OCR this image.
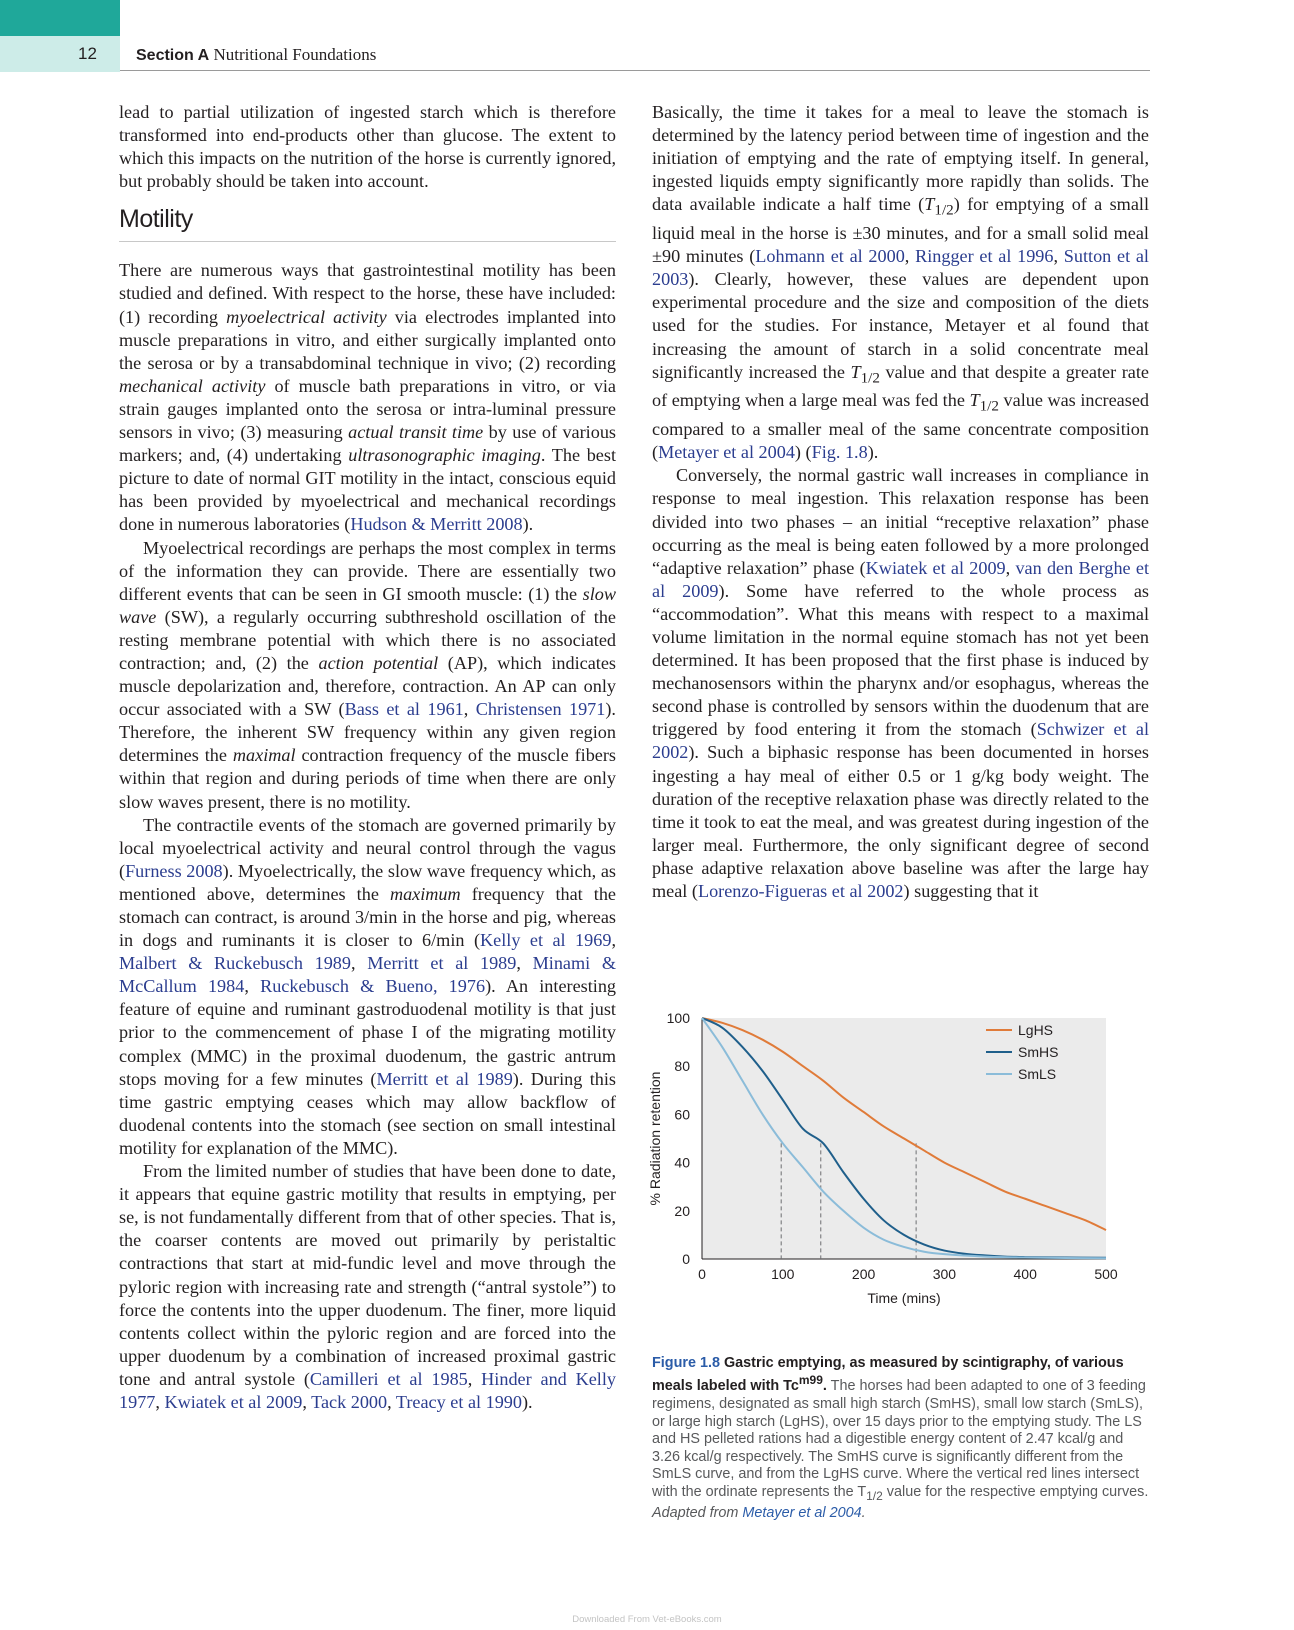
12 Section A Nutritional Foundations

lead to partial utilization of ingested starch which is therefore transformed into end-products other than glucose. The extent to which this impacts on the nutrition of the horse is currently ignored, but probably should be taken into account.

Motility

There are numerous ways that gastrointestinal motility has been studied and defined. With respect to the horse, these have included: (1) recording myoelectrical activity via electrodes implanted into muscle preparations in vitro, and either surgically implanted onto the serosa or by a transabdominal technique in vivo; (2) recording mechanical activity of muscle bath preparations in vitro, or via strain gauges implanted onto the serosa or intra-luminal pressure sensors in vivo; (3) measuring actual transit time by use of various markers; and, (4) undertaking ultrasonographic imaging. The best picture to date of normal GIT motility in the intact, conscious equid has been provided by myoelectrical and mechanical recordings done in numerous laboratories (Hudson & Merritt 2008).

Myoelectrical recordings are perhaps the most complex in terms of the information they can provide. There are essentially two different events that can be seen in GI smooth muscle: (1) the slow wave (SW), a regularly occurring subthreshold oscillation of the resting membrane potential with which there is no associated contraction; and, (2) the action potential (AP), which indicates muscle depolarization and, therefore, contraction. An AP can only occur associated with a SW (Bass et al 1961, Christensen 1971). Therefore, the inherent SW frequency within any given region determines the maximal contraction frequency of the muscle fibers within that region and during periods of time when there are only slow waves present, there is no motility.

The contractile events of the stomach are governed primarily by local myoelectrical activity and neural control through the vagus (Furness 2008). Myoelectrically, the slow wave frequency which, as mentioned above, determines the maximum frequency that the stomach can contract, is around 3/min in the horse and pig, whereas in dogs and ruminants it is closer to 6/min (Kelly et al 1969, Malbert & Ruckebusch 1989, Merritt et al 1989, Minami & McCallum 1984, Ruckebusch & Bueno, 1976). An interesting feature of equine and ruminant gastroduodenal motility is that just prior to the commencement of phase I of the migrating motility complex (MMC) in the proximal duodenum, the gastric antrum stops moving for a few minutes (Merritt et al 1989). During this time gastric emptying ceases which may allow backflow of duodenal contents into the stomach (see section on small intestinal motility for explanation of the MMC).

From the limited number of studies that have been done to date, it appears that equine gastric motility that results in emptying, per se, is not fundamentally different from that of other species. That is, the coarser contents are moved out primarily by peristaltic contractions that start at mid-fundic level and move through the pyloric region with increasing rate and strength (“antral systole”) to force the contents into the upper duodenum. The finer, more liquid contents collect within the pyloric region and are forced into the upper duodenum by a combination of increased proximal gastric tone and antral systole (Camilleri et al 1985, Hinder and Kelly 1977, Kwiatek et al 2009, Tack 2000, Treacy et al 1990).

Basically, the time it takes for a meal to leave the stomach is determined by the latency period between time of ingestion and the initiation of emptying and the rate of emptying itself. In general, ingested liquids empty significantly more rapidly than solids. The data available indicate a half time $(T_{1/2})$ for emptying of a small liquid meal in the horse is ±30 minutes, and for a small solid meal ±90 minutes (Lohmann et al 2000, Ringger et al 1996, Sutton et al 2003). Clearly, however, these values are dependent upon experimental procedure and the size and composition of the diets used for the studies. For instance, Metayer et al found that increasing the amount of starch in a solid concentrate meal significantly increased the $T_{1/2}$ value and that despite a greater rate of emptying when a large meal was fed the $T_{1/2}$ value was increased compared to a smaller meal of the same concentrate composition (Metayer et al 2004) (Fig. 1.8).

Conversely, the normal gastric wall increases in compliance in response to meal ingestion. This relaxation response has been divided into two phases – an initial “receptive relaxation” phase occurring as the meal is being eaten followed by a more prolonged “adaptive relaxation” phase (Kwiatek et al 2009, van den Berghe et al 2009). Some have referred to the whole process as “accommodation”. What this means with respect to a maximal volume limitation in the normal equine stomach has not yet been determined. It has been proposed that the first phase is induced by mechanosensors within the pharynx and/or esophagus, whereas the second phase is controlled by sensors within the duodenum that are triggered by food entering it from the stomach (Schwizer et al 2002). Such a biphasic response has been documented in horses ingesting a hay meal of either 0.5 or 1 g/kg body weight. The duration of the receptive relaxation phase was directly related to the time it took to eat the meal, and was greatest during ingestion of the larger meal. Furthermore, the only significant degree of second phase adaptive relaxation above baseline was after the large hay meal (Lorenzo-Figueras et al 2002) suggesting that it

0	100	200	300	400	500
0
20
40
60
80
100
Time (mins)
% Radiation retention
LgHS
SmHS
SmLS
Figure 1.8 Gastric emptying, as measured by scintigraphy, of various meals labeled with $Tc^{m99}$. The horses had been adapted to one of 3 feeding regimens, designated as small high starch (SmHS), small low starch (SmLS), or large high starch (LgHS), over 15 days prior to the emptying study. The LS and HS pelleted rations had a digestible energy content of 2.47 kcal/g and 3.26 kcal/g respectively. The SmHS curve is significantly different from the SmLS curve, and from the LgHS curve. Where the vertical red lines intersect with the ordinate represents the $T_{1/2}$ value for the respective emptying curves.
Adapted from Metayer et al 2004.
Downloaded From Vet-eBooks.com
